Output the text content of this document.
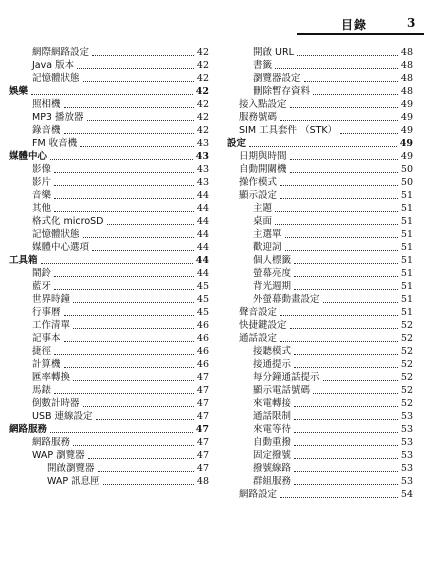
目錄	3
網際網路設定	42
Java 版本	42
記憶體狀態	42
娛樂	42
照相機	42
MP3 播放器	42
錄音機	42
FM 收音機	43
媒體中心	43
影像	43
影片	43
音樂	44
其他	44
格式化 microSD	44
記憶體狀態	44
媒體中心選項	44
工具箱	44
鬧鈴	44
藍牙	45
世界時鐘	45
行事曆	45
工作清單	46
記事本	46
捷徑	46
計算機	46
匯率轉換	47
馬錶	47
倒數計時器	47
USB 連線設定	47
網路服務	47
網路服務	47
WAP 瀏覽器	47
開啟瀏覽器	47
WAP 訊息匣	48
開啟 URL	48
書籤	48
瀏覽器設定	48
刪除暫存資料	48
接入點設定	49
服務號碼	49
SIM 工具套件 （STK）	49
設定	49
日期與時間	49
自動開關機	50
操作模式	50
顯示設定	51
主題	51
桌面	51
主選單	51
歡迎詞	51
個人標籤	51
螢幕亮度	51
背光週期	51
外螢幕動畫設定	51
聲音設定	51
快捷鍵設定	52
通話設定	52
接聽模式	52
接通提示	52
每分鐘通話提示	52
顯示電話號碼	52
來電轉接	52
通話限制	53
來電等待	53
自動重撥	53
固定撥號	53
撥號線路	53
群組服務	53
網路設定	54
